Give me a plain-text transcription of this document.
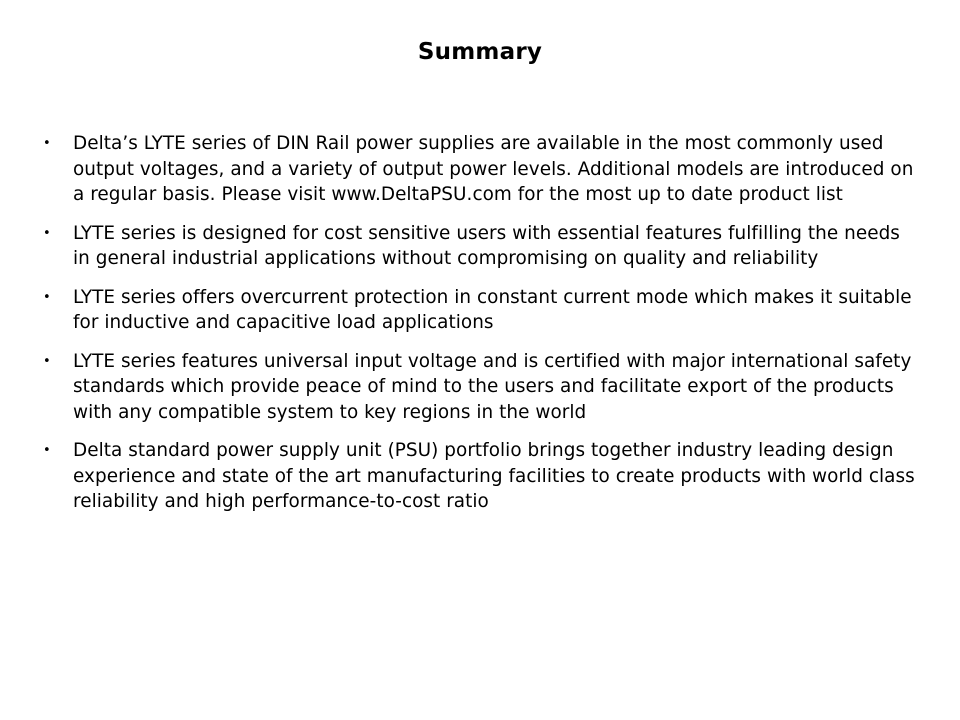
Summary
• Delta’s LYTE series of DIN Rail power supplies are available in the most commonly used output voltages, and a variety of output power levels. Additional models are introduced on a regular basis. Please visit www.DeltaPSU.com for the most up to date product list
• LYTE series is designed for cost sensitive users with essential features fulfilling the needs in general industrial applications without compromising on quality and reliability
• LYTE series offers overcurrent protection in constant current mode which makes it suitable for inductive and capacitive load applications
• LYTE series features universal input voltage and is certified with major international safety standards which provide peace of mind to the users and facilitate export of the products with any compatible system to key regions in the world
• Delta standard power supply unit (PSU) portfolio brings together industry leading design experience and state of the art manufacturing facilities to create products with world class reliability and high performance-to-cost ratio
